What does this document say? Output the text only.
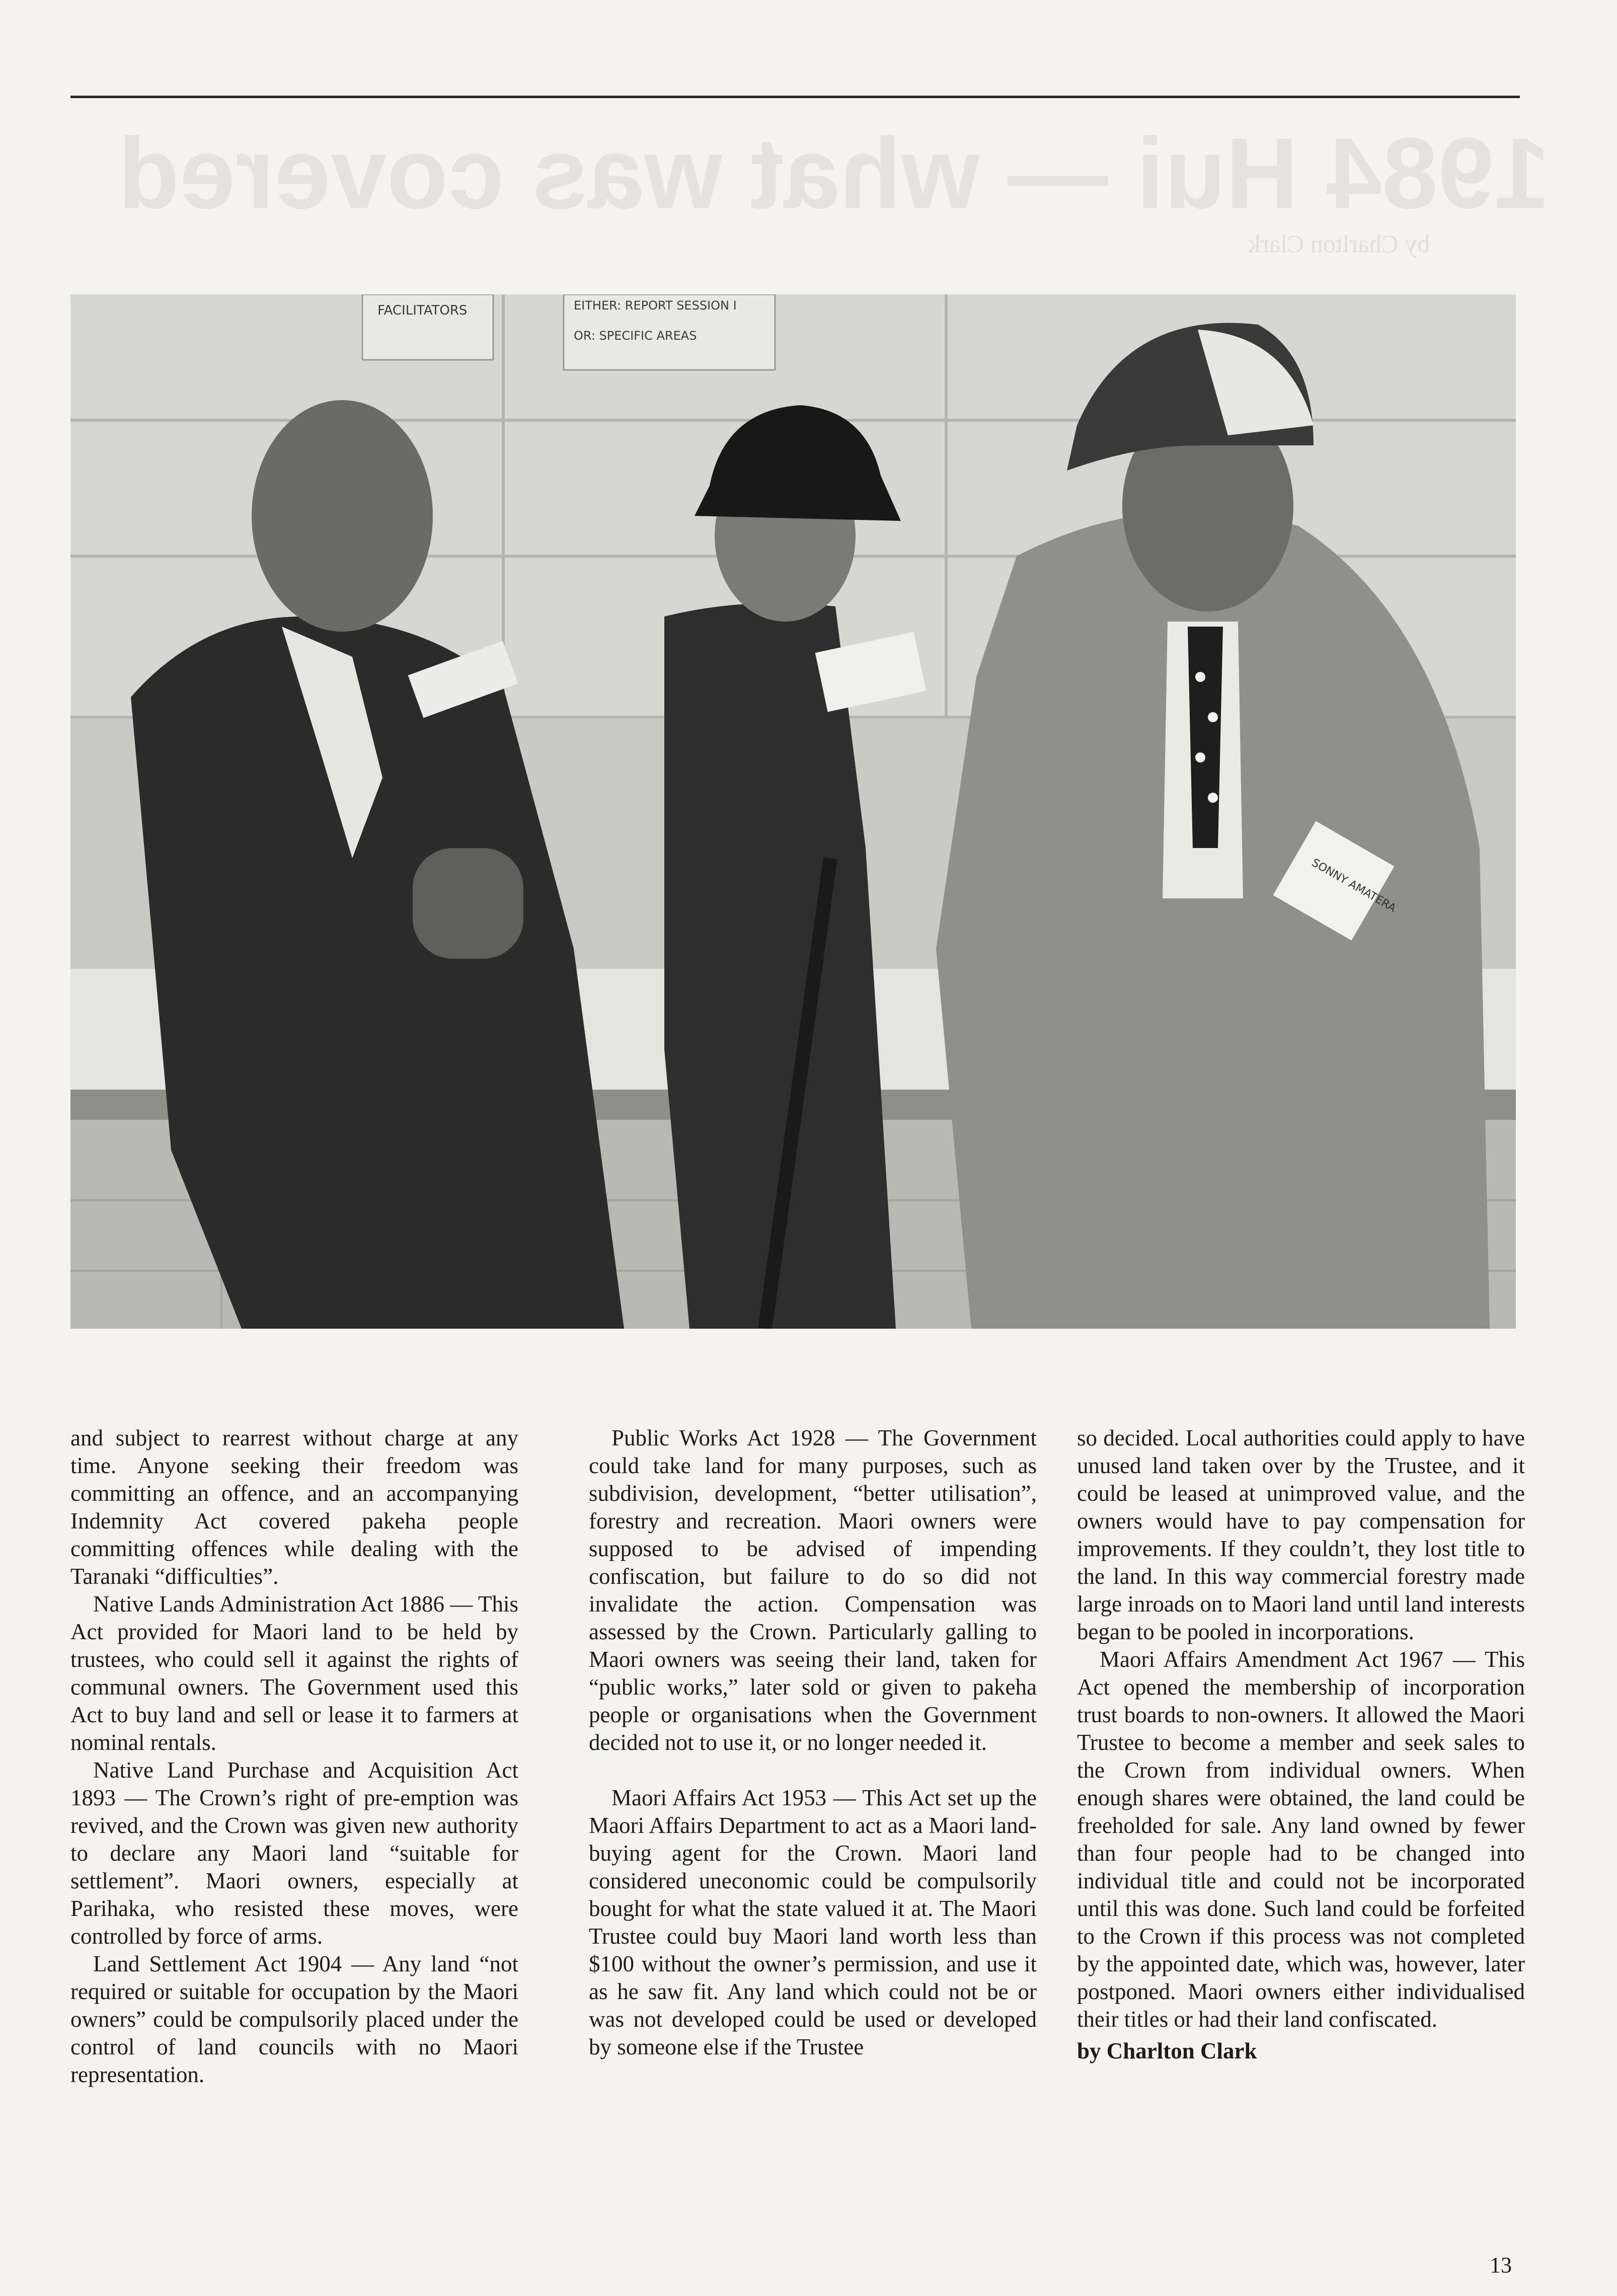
1984 Hui — what was covered
by Charlton Clark
FACILITATORS	EITHER: REPORT SESSION I
OR: SPECIFIC AREAS
SONNY AMATERA

and subject to rearrest without charge at any time. Anyone seeking their freedom was committing an offence, and an accompanying Indemnity Act covered pakeha people committing offences while dealing with the Taranaki “difficulties”.

Native Lands Administration Act 1886 — This Act provided for Maori land to be held by trustees, who could sell it against the rights of communal owners. The Government used this Act to buy land and sell or lease it to farmers at nominal rentals.

Native Land Purchase and Acquisition Act 1893 — The Crown’s right of pre-emption was revived, and the Crown was given new authority to declare any Maori land “suitable for settlement”. Maori owners, especially at Parihaka, who resisted these moves, were controlled by force of arms.

Land Settlement Act 1904 — Any land “not required or suitable for occupation by the Maori owners” could be compulsorily placed under the control of land councils with no Maori representation.

Public Works Act 1928 — The Government could take land for many purposes, such as subdivision, development, “better utilisation”, forestry and recreation. Maori owners were supposed to be advised of impending confiscation, but failure to do so did not invalidate the action. Compensation was assessed by the Crown. Particularly galling to Maori owners was seeing their land, taken for “public works,” later sold or given to pakeha people or organisations when the Government decided not to use it, or no longer needed it.

Maori Affairs Act 1953 — This Act set up the Maori Affairs Department to act as a Maori land-buying agent for the Crown. Maori land considered uneconomic could be compulsorily bought for what the state valued it at. The Maori Trustee could buy Maori land worth less than $100 without the owner’s permission, and use it as he saw fit. Any land which could not be or was not developed could be used or developed by someone else if the Trustee

so decided. Local authorities could apply to have unused land taken over by the Trustee, and it could be leased at unimproved value, and the owners would have to pay compensation for improvements. If they couldn’t, they lost title to the land. In this way commercial forestry made large inroads on to Maori land until land interests began to be pooled in incorporations.

Maori Affairs Amendment Act 1967 — This Act opened the membership of incorporation trust boards to non-owners. It allowed the Maori Trustee to become a member and seek sales to the Crown from individual owners. When enough shares were obtained, the land could be freeholded for sale. Any land owned by fewer than four people had to be changed into individual title and could not be incorporated until this was done. Such land could be forfeited to the Crown if this process was not completed by the appointed date, which was, however, later postponed. Maori owners either individualised their titles or had their land confiscated.

by Charlton Clark

13
